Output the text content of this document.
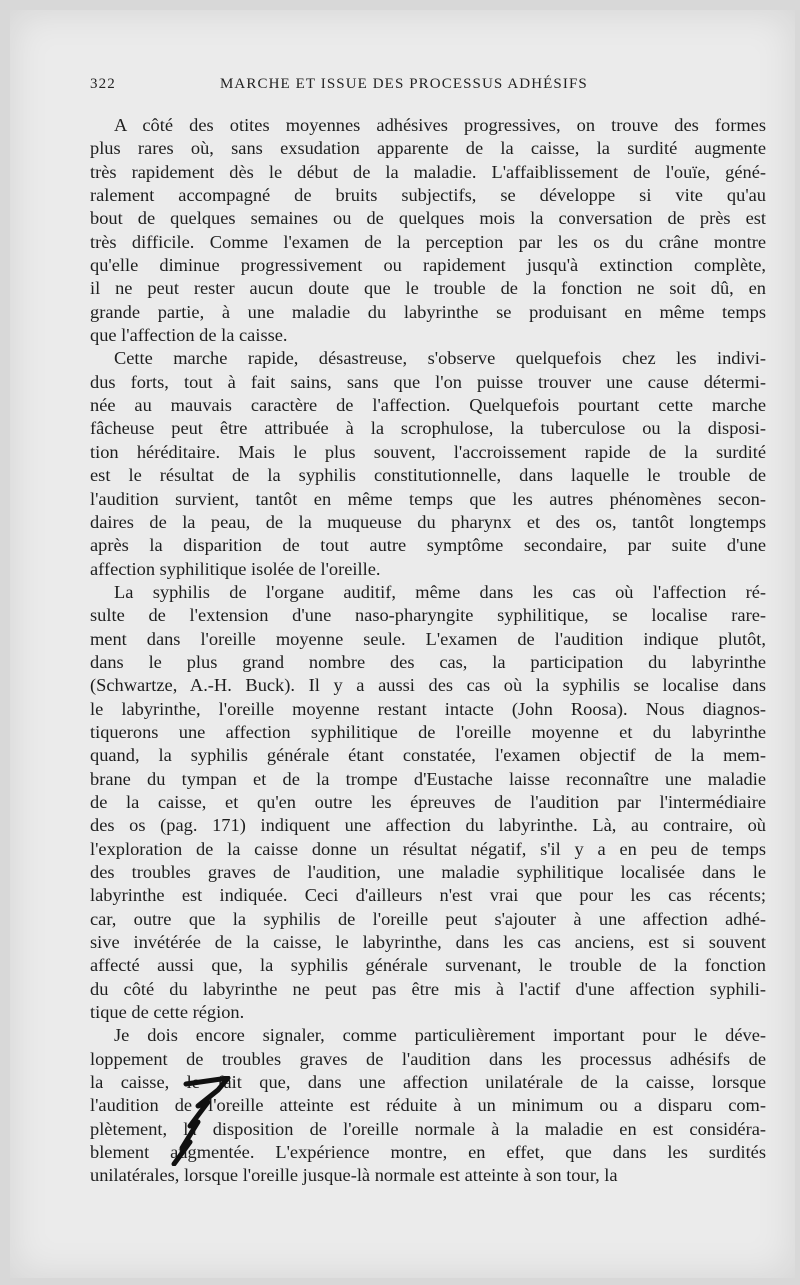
322	MARCHE ET ISSUE DES PROCESSUS ADHÉSIFS

A côté des otites moyennes adhésives progressives, on trouve des formes
plus rares où, sans exsudation apparente de la caisse, la surdité augmente
très rapidement dès le début de la maladie. L'affaiblissement de l'ouïe, géné-
ralement accompagné de bruits subjectifs, se développe si vite qu'au
bout de quelques semaines ou de quelques mois la conversation de près est
très difficile. Comme l'examen de la perception par les os du crâne montre
qu'elle diminue progressivement ou rapidement jusqu'à extinction complète,
il ne peut rester aucun doute que le trouble de la fonction ne soit dû, en
grande partie, à une maladie du labyrinthe se produisant en même temps
que l'affection de la caisse.

Cette marche rapide, désastreuse, s'observe quelquefois chez les indivi-
dus forts, tout à fait sains, sans que l'on puisse trouver une cause détermi-
née au mauvais caractère de l'affection. Quelquefois pourtant cette marche
fâcheuse peut être attribuée à la scrophulose, la tuberculose ou la disposi-
tion héréditaire. Mais le plus souvent, l'accroissement rapide de la surdité
est le résultat de la syphilis constitutionnelle, dans laquelle le trouble de
l'audition survient, tantôt en même temps que les autres phénomènes secon-
daires de la peau, de la muqueuse du pharynx et des os, tantôt longtemps
après la disparition de tout autre symptôme secondaire, par suite d'une
affection syphilitique isolée de l'oreille.

La syphilis de l'organe auditif, même dans les cas où l'affection ré-
sulte de l'extension d'une naso-pharyngite syphilitique, se localise rare-
ment dans l'oreille moyenne seule. L'examen de l'audition indique plutôt,
dans le plus grand nombre des cas, la participation du labyrinthe
(Schwartze, A.-H. Buck). Il y a aussi des cas où la syphilis se localise dans
le labyrinthe, l'oreille moyenne restant intacte (John Roosa). Nous diagnos-
tiquerons une affection syphilitique de l'oreille moyenne et du labyrinthe
quand, la syphilis générale étant constatée, l'examen objectif de la mem-
brane du tympan et de la trompe d'Eustache laisse reconnaître une maladie
de la caisse, et qu'en outre les épreuves de l'audition par l'intermédiaire
des os (pag. 171) indiquent une affection du labyrinthe. Là, au contraire, où
l'exploration de la caisse donne un résultat négatif, s'il y a en peu de temps
des troubles graves de l'audition, une maladie syphilitique localisée dans le
labyrinthe est indiquée. Ceci d'ailleurs n'est vrai que pour les cas récents;
car, outre que la syphilis de l'oreille peut s'ajouter à une affection adhé-
sive invétérée de la caisse, le labyrinthe, dans les cas anciens, est si souvent
affecté aussi que, la syphilis générale survenant, le trouble de la fonction
du côté du labyrinthe ne peut pas être mis à l'actif d'une affection syphili-
tique de cette région.

Je dois encore signaler, comme particulièrement important pour le déve-
loppement de troubles graves de l'audition dans les processus adhésifs de
la caisse, le fait que, dans une affection unilatérale de la caisse, lorsque
l'audition de l'oreille atteinte est réduite à un minimum ou a disparu com-
plètement, la disposition de l'oreille normale à la maladie en est considéra-
blement augmentée. L'expérience montre, en effet, que dans les surdités
unilatérales, lorsque l'oreille jusque-là normale est atteinte à son tour, la
